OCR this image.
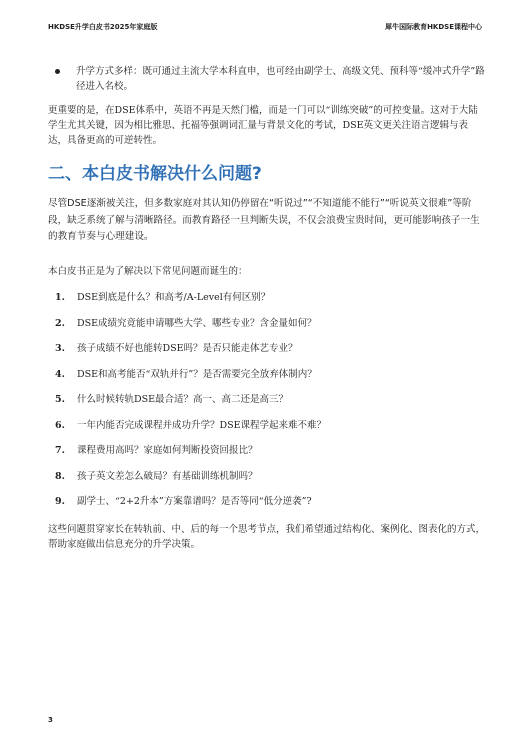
HKDSE升学白皮书2025年家庭版	犀牛国际教育HKDSE课程中心
升学方式多样：既可通过主流大学本科直申，也可经由副学士、高级文凭、预科等“缓冲式升学”路径进入名校。

更重要的是，在DSE体系中，英语不再是天然门槛，而是一门可以“训练突破”的可控变量。这对于大陆学生尤其关键，因为相比雅思、托福等强调词汇量与背景文化的考试，DSE英文更关注语言逻辑与表达，具备更高的可逆转性。

二、本白皮书解决什么问题?

尽管DSE逐渐被关注，但多数家庭对其认知仍停留在“听说过”“不知道能不能行”“听说英文很难”等阶段，缺乏系统了解与清晰路径。而教育路径一旦判断失误，不仅会浪费宝贵时间，更可能影响孩子一生的教育节奏与心理建设。

本白皮书正是为了解决以下常见问题而诞生的：

1.	DSE到底是什么？和高考/A-Level有何区别？
2.	DSE成绩究竟能申请哪些大学、哪些专业？含金量如何？
3.	孩子成绩不好也能转DSE吗？是否只能走体艺专业？
4.	DSE和高考能否“双轨并行”？是否需要完全放弃体制内？
5.	什么时候转轨DSE最合适？高一、高二还是高三？
6.	一年内能否完成课程并成功升学？DSE课程学起来难不难？
7.	课程费用高吗？家庭如何判断投资回报比？
8.	孩子英文差怎么破局？有基础训练机制吗？
9.	副学士、“2+2升本”方案靠谱吗？是否等同“低分逆袭”?

这些问题贯穿家长在转轨前、中、后的每一个思考节点，我们希望通过结构化、案例化、图表化的方式，帮助家庭做出信息充分的升学决策。

3
